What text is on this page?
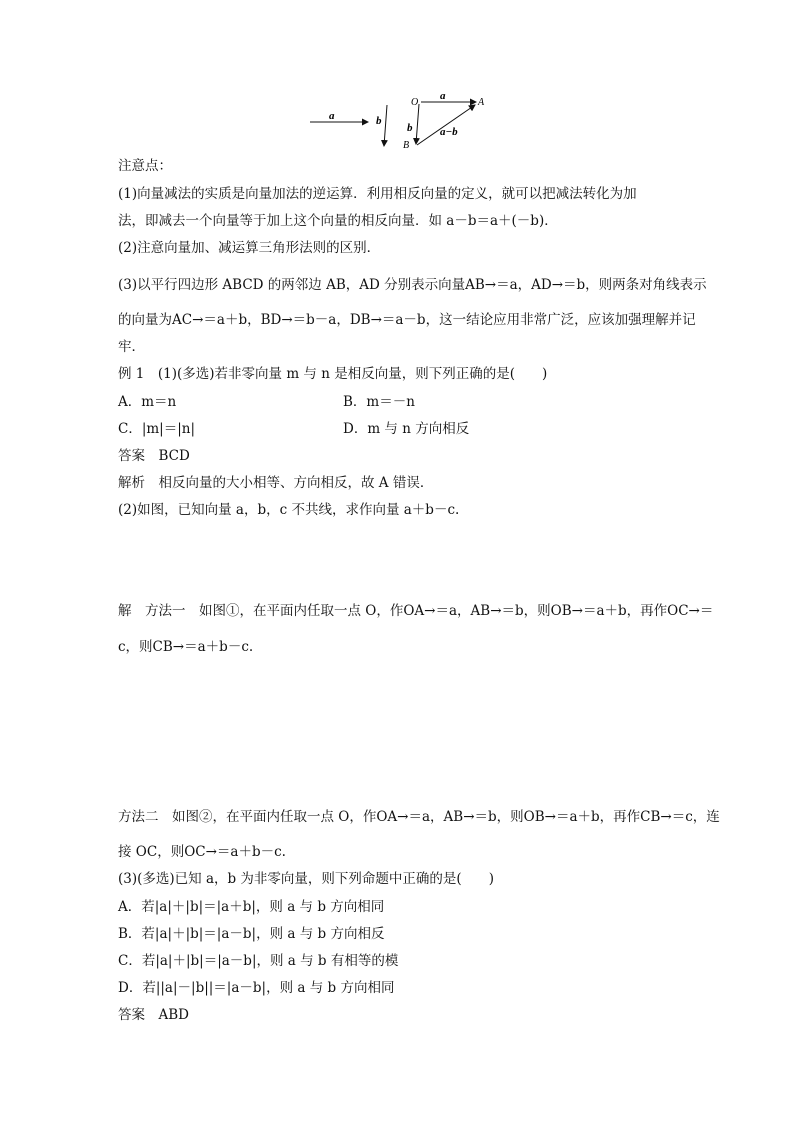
a	b
O	A
B
a
b	a−b
注意点：
(1)向量减法的实质是向量加法的逆运算．利用相反向量的定义，就可以把减法转化为加
法，即减去一个向量等于加上这个向量的相反向量．如 a－b＝a＋(－b)．
(2)注意向量加、减运算三角形法则的区别．
(3)以平行四边形 ABCD 的两邻边 AB，AD 分别表示向量AB→＝a，AD→＝b，则两条对角线表示
的向量为AC→＝a＋b，BD→＝b－a，DB→＝a－b，这一结论应用非常广泛，应该加强理解并记
牢．
例 1　(1)(多选)若非零向量 m 与 n 是相反向量，则下列正确的是(　　)
A．m＝n	B．m＝－n
C．|m|＝|n|	D．m 与 n 方向相反
答案　BCD
解析　相反向量的大小相等、方向相反，故 A 错误．
(2)如图，已知向量 a，b，c 不共线，求作向量 a＋b－c.
解　方法一　如图①，在平面内任取一点 O，作OA→＝a，AB→＝b，则OB→＝a＋b，再作OC→＝
c，则CB→＝a＋b－c.
方法二　如图②，在平面内任取一点 O，作OA→＝a，AB→＝b，则OB→＝a＋b，再作CB→＝c，连
接 OC，则OC→＝a＋b－c.
(3)(多选)已知 a，b 为非零向量，则下列命题中正确的是(　　)
A．若|a|＋|b|＝|a＋b|，则 a 与 b 方向相同
B．若|a|＋|b|＝|a－b|，则 a 与 b 方向相反
C．若|a|＋|b|＝|a－b|，则 a 与 b 有相等的模
D．若||a|－|b||＝|a－b|，则 a 与 b 方向相同
答案　ABD
